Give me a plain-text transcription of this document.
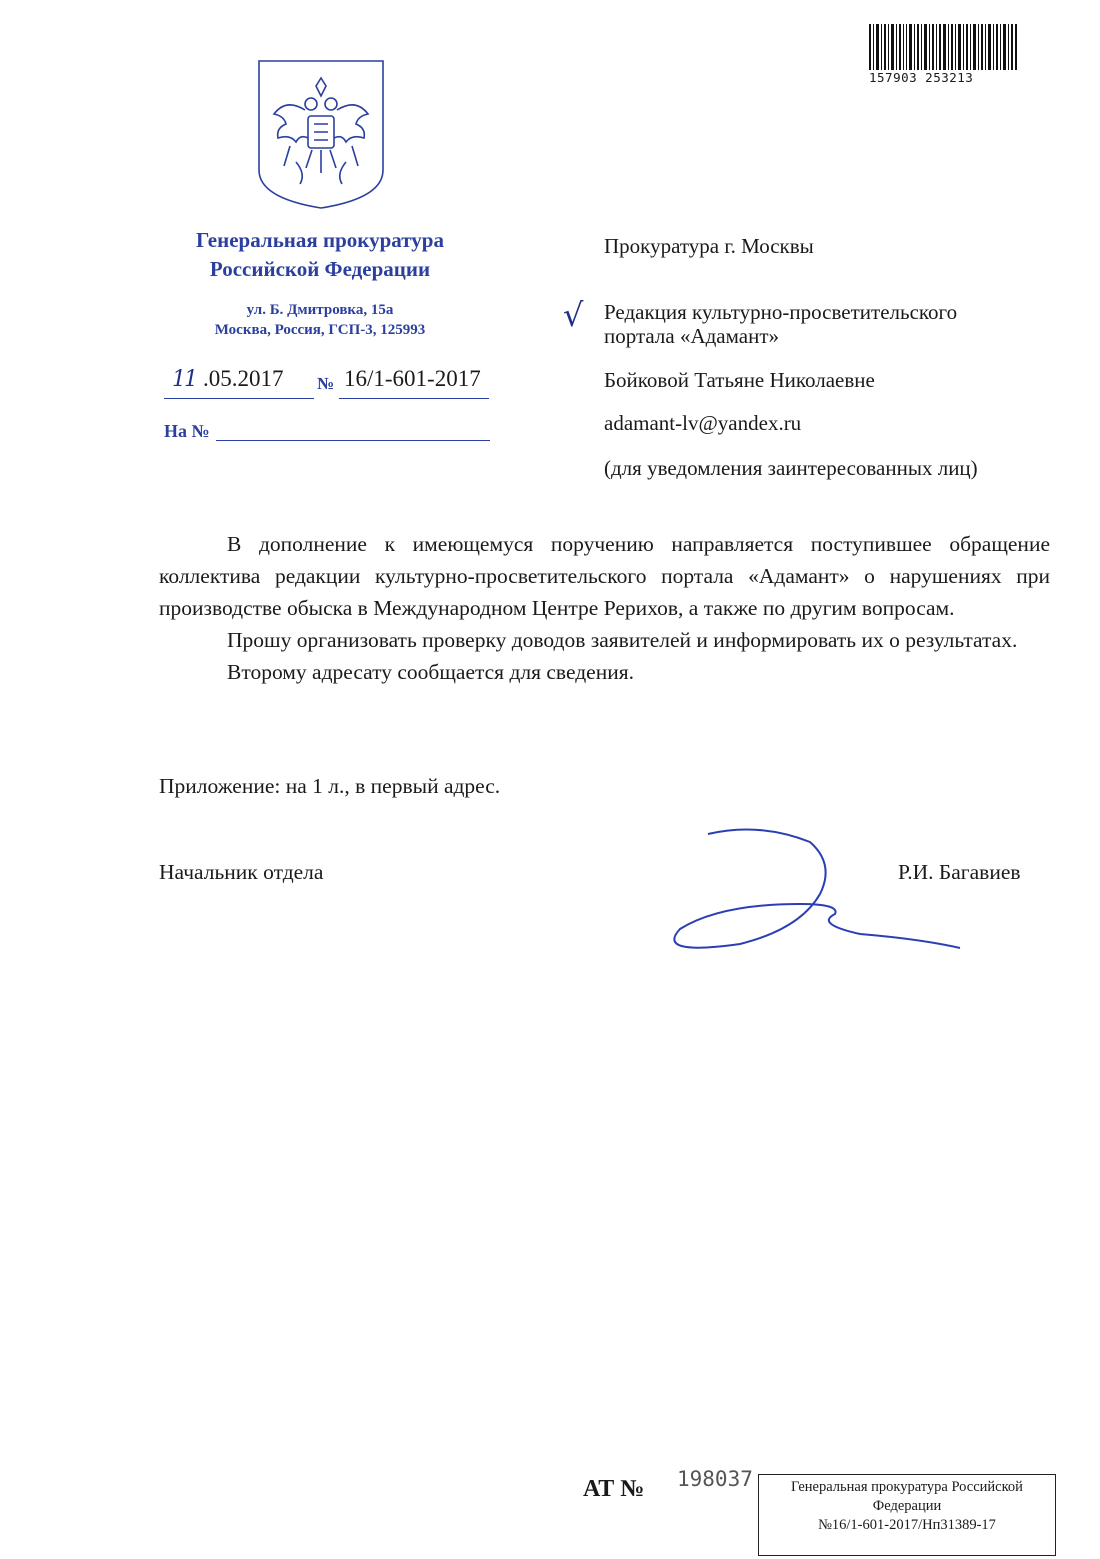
157903 253213
Генеральная прокуратура
Российской Федерации
ул. Б. Дмитровка, 15а
Москва, Россия, ГСП-3, 125993
11 .05.2017 № 16/1-601-2017
На №
Прокуратура г. Москвы
√ Редакция культурно-просветительского
портала «Адамант»
Бойковой Татьяне Николаевне
adamant-lv@yandex.ru
(для уведомления заинтересованных лиц)

В дополнение к имеющемуся поручению направляется поступившее обращение коллектива редакции культурно-просветительского портала «Адамант» о нарушениях при производстве обыска в Международном Центре Рерихов, а также по другим вопросам.

Прошу организовать проверку доводов заявителей и информировать их о результатах.

Второму адресату сообщается для сведения.

Приложение: на 1 л., в первый адрес.
Начальник отдела	Р.И. Багавиев
АТ № 198037	Генеральная прокуратура Российской
Федерации
№16/1-601-2017/Нп31389-17
